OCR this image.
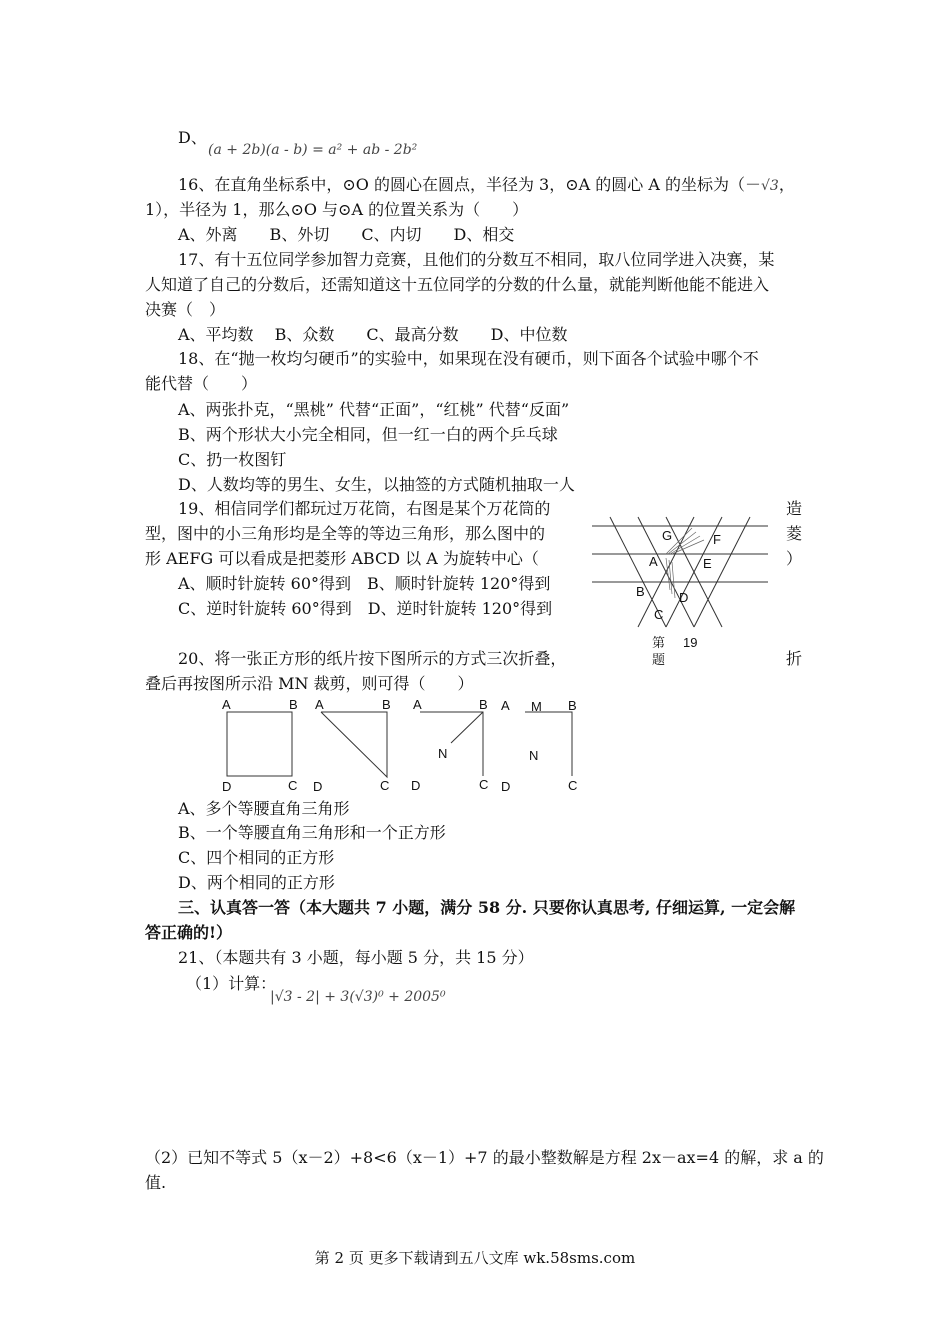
D、
(a + 2b)(a - b) = a² + ab - 2b²
16、在直角坐标系中，⊙O 的圆心在圆点，半径为 3，⊙A 的圆心 A 的坐标为（－√3，
1），半径为 1，那么⊙O 与⊙A 的位置关系为（　　）
A、外离　　B、外切　　C、内切　　D、相交
17、有十五位同学参加智力竞赛，且他们的分数互不相同，取八位同学进入决赛，某
人知道了自己的分数后，还需知道这十五位同学的分数的什么量，就能判断他能不能进入
决赛（　）
A、平均数　 B、众数　　C、最高分数　　D、中位数
18、在“抛一枚均匀硬币”的实验中，如果现在没有硬币，则下面各个试验中哪个不
能代替（　　）
A、两张扑克，“黑桃” 代替“正面”，“红桃” 代替“反面”
B、两个形状大小完全相同，但一红一白的两个乒乓球
C、扔一枚图钉
D、人数均等的男生、女生，以抽签的方式随机抽取一人
19、相信同学们都玩过万花筒，右图是某个万花筒的	造
型，图中的小三角形均是全等的等边三角形，那么图中的	菱
形 AEFG 可以看成是把菱形 ABCD 以 A 为旋转中心（	）
A、顺时针旋转 60°得到　B、顺时针旋转 120°得到
C、逆时针旋转 60°得到　D、逆时针旋转 120°得到
G	F
A	E
B	D
C
第 19
题
20、将一张正方形的纸片按下图所示的方式三次折叠，	折
叠后再按图所示沿 MN 裁剪，则可得（　　）
A	B
D	C
A	B
D	C
A	B
N
D	C
A M B
N
D	C
A、多个等腰直角三角形
B、一个等腰直角三角形和一个正方形
C、四个相同的正方形
D、两个相同的正方形
三、认真答一答（本大题共 7 小题，满分 58 分. 只要你认真思考, 仔细运算, 一定会解
答正确的!）
21、（本题共有 3 小题，每小题 5 分，共 15 分）
（1）计算：
|√3 - 2| + 3(√3)⁰ + 2005⁰
（2）已知不等式 5（x－2）+8<6（x－1）+7 的最小整数解是方程 2x－ax=4 的解，求 a 的
值.
第 2 页 更多下载请到五八文库 wk.58sms.com
